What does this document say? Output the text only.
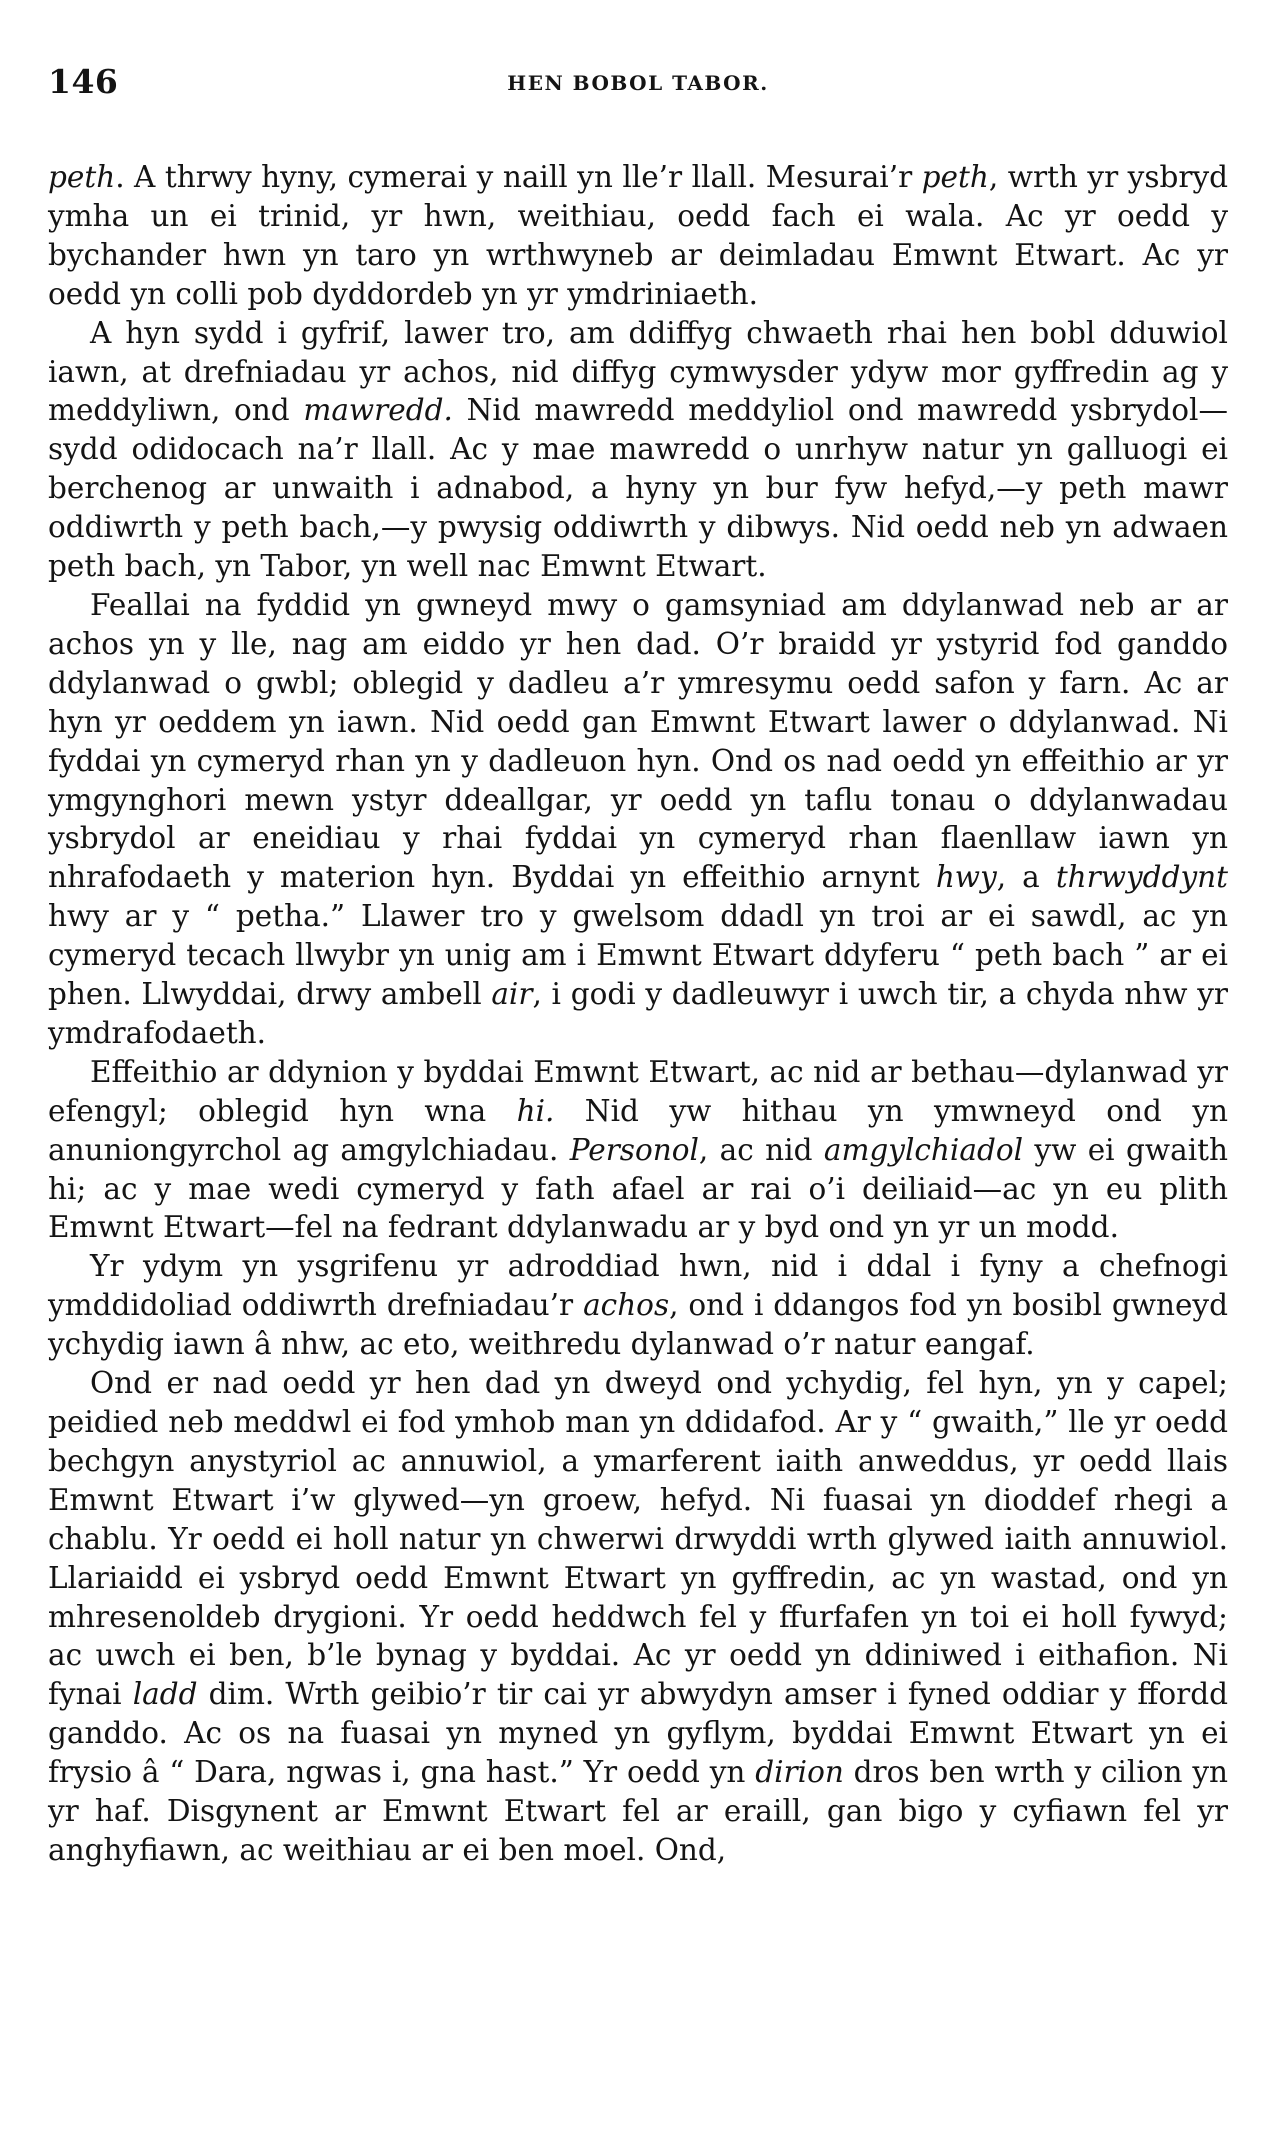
146	HEN BOBOL TABOR.

peth. A thrwy hyny, cymerai y naill yn lle’r llall. Mesurai’r peth, wrth yr ysbryd ymha un ei trinid, yr hwn, weithiau, oedd fach ei wala. Ac yr oedd y bychander hwn yn taro yn wrthwyneb ar deimladau Emwnt Etwart. Ac yr oedd yn colli pob dyddordeb yn yr ymdriniaeth.

A hyn sydd i gyfrif, lawer tro, am ddiffyg chwaeth rhai hen bobl dduwiol iawn, at drefniadau yr achos, nid diffyg cymwysder ydyw mor gyffredin ag y meddyliwn, ond mawredd. Nid mawredd meddyliol ond mawredd ysbrydol—sydd odidocach na’r llall. Ac y mae mawredd o unrhyw natur yn galluogi ei berchenog ar unwaith i adnabod, a hyny yn bur fyw hefyd,—y peth mawr oddiwrth y peth bach,—y pwysig oddiwrth y dibwys. Nid oedd neb yn adwaen peth bach, yn Tabor, yn well nac Emwnt Etwart.

Feallai na fyddid yn gwneyd mwy o gamsyniad am ddylanwad neb ar ar achos yn y lle, nag am eiddo yr hen dad. O’r braidd yr ystyrid fod ganddo ddylanwad o gwbl; oblegid y dadleu a’r ymresymu oedd safon y farn. Ac ar hyn yr oeddem yn iawn. Nid oedd gan Emwnt Etwart lawer o ddylanwad. Ni fyddai yn cymeryd rhan yn y dadleuon hyn. Ond os nad oedd yn effeithio ar yr ymgynghori mewn ystyr ddeallgar, yr oedd yn taflu tonau o ddylanwadau ysbrydol ar eneidiau y rhai fyddai yn cymeryd rhan flaenllaw iawn yn nhrafodaeth y materion hyn. Byddai yn effeithio arnynt hwy, a thrwyddynt hwy ar y “ petha.” Llawer tro y gwelsom ddadl yn troi ar ei sawdl, ac yn cymeryd tecach llwybr yn unig am i Emwnt Etwart ddyferu “ peth bach ” ar ei phen. Llwyddai, drwy ambell air, i godi y dadleuwyr i uwch tir, a chyda nhw yr ymdrafodaeth.

Effeithio ar ddynion y byddai Emwnt Etwart, ac nid ar bethau—dylanwad yr efengyl; oblegid hyn wna hi. Nid yw hithau yn ymwneyd ond yn anuniongyrchol ag amgylchiadau. Personol, ac nid amgylchiadol yw ei gwaith hi; ac y mae wedi cymeryd y fath afael ar rai o’i deiliaid—ac yn eu plith Emwnt Etwart—fel na fedrant ddylanwadu ar y byd ond yn yr un modd.

Yr ydym yn ysgrifenu yr adroddiad hwn, nid i ddal i fyny a chefnogi ymddidoliad oddiwrth drefniadau’r achos, ond i ddangos fod yn bosibl gwneyd ychydig iawn â nhw, ac eto, weithredu dylanwad o’r natur eangaf.

Ond er nad oedd yr hen dad yn dweyd ond ychydig, fel hyn, yn y capel; peidied neb meddwl ei fod ymhob man yn ddidafod. Ar y “ gwaith,” lle yr oedd bechgyn anystyriol ac annuwiol, a ymarferent iaith anweddus, yr oedd llais Emwnt Etwart i’w glywed—yn groew, hefyd. Ni fuasai yn dioddef rhegi a chablu. Yr oedd ei holl natur yn chwerwi drwyddi wrth glywed iaith annuwiol. Llariaidd ei ysbryd oedd Emwnt Etwart yn gyffredin, ac yn wastad, ond yn mhresenoldeb drygioni. Yr oedd heddwch fel y ffurfafen yn toi ei holl fywyd; ac uwch ei ben, b’le bynag y byddai. Ac yr oedd yn ddiniwed i eithafion. Ni fynai ladd dim. Wrth geibio’r tir cai yr abwydyn amser i fyned oddiar y ffordd ganddo. Ac os na fuasai yn myned yn gyflym, byddai Emwnt Etwart yn ei frysio â “ Dara, ngwas i, gna hast.” Yr oedd yn dirion dros ben wrth y cilion yn yr haf. Disgynent ar Emwnt Etwart fel ar eraill, gan bigo y cyfiawn fel yr anghyfiawn, ac weithiau ar ei ben moel. Ond,
